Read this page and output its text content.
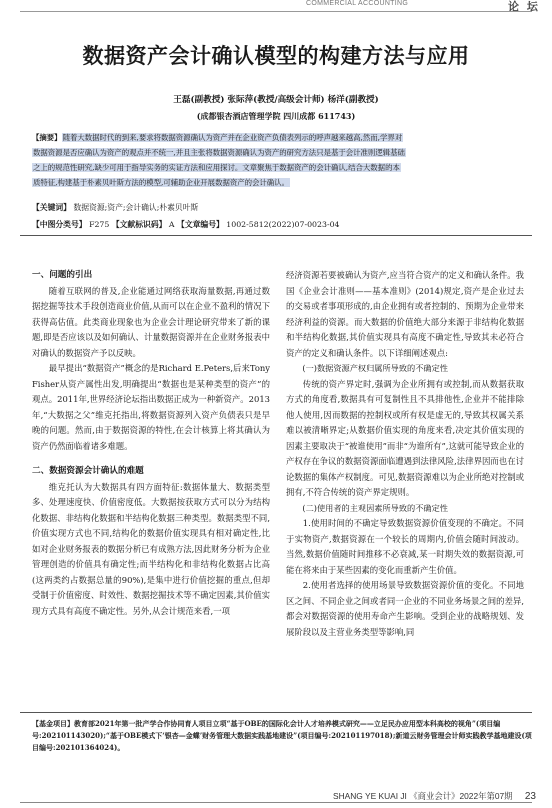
COMMERCIAL ACCOUNTING	论 坛
数据资产会计确认模型的构建方法与应用
王磊(副教授) 张际萍(教授/高级会计师) 杨洋(副教授)
(成都银杏酒店管理学院 四川成都 611743)
【摘要】随着大数据时代的到来,要求将数据资源确认为资产并在企业资产负债表列示的呼声越来越高,然而,学界对
数据资源是否应确认为资产的观点并不统一,并且主张将数据资源确认为资产的研究方法只是基于会计准则逻辑基础
之上的规范性研究,缺少可用于指导实务的实证方法和应用探讨。文章聚焦于数据资产的会计确认,结合大数据的本
质特征,构建基于朴素贝叶斯方法的模型,可辅助企业开展数据资产的会计确认。
【关键词】 数据资源;资产;会计确认;朴素贝叶斯
【中图分类号】 F275 【文献标识码】 A 【文章编号】 1002-5812(2022)07-0023-04

一、问题的引出

随着互联网的普及,企业能通过网络获取海量数据,再通过数据挖掘等技术手段创造商业价值,从而可以在企业不盈利的情况下获得高估值。此类商业现象也为企业会计理论研究带来了新的课题,即是否应该以及如何确认、计量数据资源并在企业财务报表中对确认的数据资产予以反映。

最早提出“数据资产”概念的是Richard E.Peters,后来Tony Fisher从资产属性出发,明确提出“数据也是某种类型的资产”的观点。2011年,世界经济论坛指出数据正成为一种新资产。2013年,“大数据之父”维克托指出,将数据资源列入资产负债表只是早晚的问题。然而,由于数据资源的特性,在会计核算上将其确认为资产仍然面临着诸多难题。

二、数据资源会计确认的难题

维克托认为大数据具有四方面特征:数据体量大、数据类型多、处理速度快、价值密度低。大数据按获取方式可以分为结构化数据、非结构化数据和半结构化数据三种类型。数据类型不同,价值实现方式也不同,结构化的数据价值实现具有相对确定性,比如对企业财务报表的数据分析已有成熟方法,因此财务分析为企业管理创造的价值具有确定性;而半结构化和非结构化数据占比高(这两类约占数据总量的90%),是集中进行价值挖掘的重点,但却受制于价值密度、时效性、数据挖掘技术等不确定因素,其价值实现方式具有高度不确定性。另外,从会计规范来看,一项

经济资源若要被确认为资产,应当符合资产的定义和确认条件。我国《企业会计准则——基本准则》(2014)规定,资产是企业过去的交易或者事项形成的,由企业拥有或者控制的、预期为企业带来经济利益的资源。而大数据的价值绝大部分来源于非结构化数据和半结构化数据,其价值实现具有高度不确定性,导致其未必符合资产的定义和确认条件。以下详细阐述观点:

(一)数据资源产权归属所导致的不确定性

传统的资产界定时,强调为企业所拥有或控制,而从数据获取方式的角度看,数据具有可复制性且不具排他性,企业并不能排除他人使用,因而数据的控制权或所有权是虚无的,导致其权属关系难以被清晰界定;从数据价值实现的角度来看,决定其价值实现的因素主要取决于“被谁使用”而非“为谁所有”,这就可能导致企业的产权存在争议的数据资源面临遭遇到法律风险,法律界因而也在讨论数据的集体产权制度。可见,数据资源难以为企业所绝对控制或拥有,不符合传统的资产界定规则。

(二)使用者的主观因素所导致的不确定性

1.使用时间的不确定导致数据资源价值变现的不确定。不同于实物资产,数据资源在一个较长的周期内,价值会随时间波动。当然,数据价值随时间推移不必衰减,某一时期失效的数据资源,可能在将来由于某些因素的变化而重新产生价值。

2.使用者选择的使用场景导致数据资源价值的变化。不同地区之间、不同企业之间或者同一企业的不同业务场景之间的差异,都会对数据资源的使用寿命产生影响。受到企业的战略规划、发展阶段以及主营业务类型等影响,同

【基金项目】教育部2021年第一批产学合作协同育人项目立项“基于OBE的国际化会计人才培养模式研究——立足民办应用型本科高校的视角”(项目编号:202101143020);“基于OBE模式下‘银杏—金蝶’财务管理大数据实践基地建设”(项目编号:202101197018);新道云财务管理会计师实践教学基地建设(项目编号:202101364024)。
SHANG YE KUAI JI 《商业会计》2022年第07期 23
